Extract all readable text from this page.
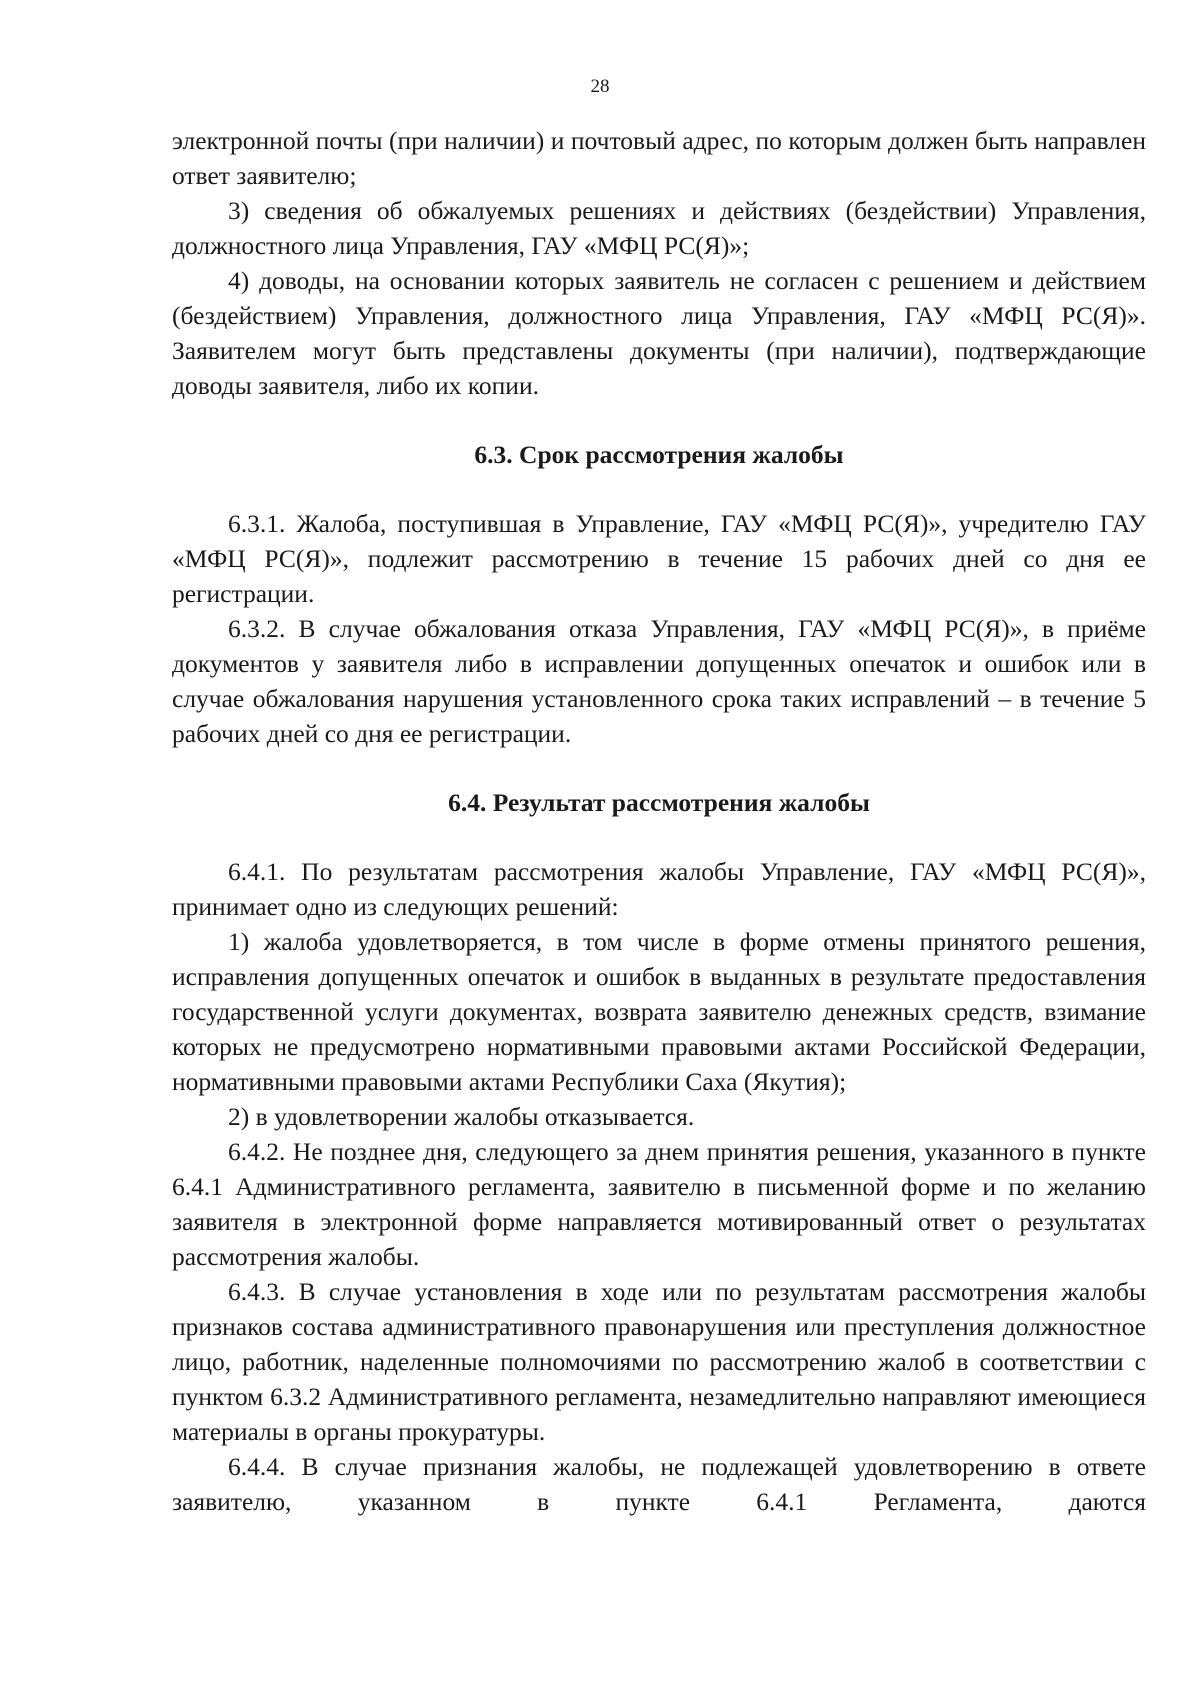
28

электронной почты (при наличии) и почтовый адрес, по которым должен быть направлен ответ заявителю;

3) сведения об обжалуемых решениях и действиях (бездействии) Управления, должностного лица Управления, ГАУ «МФЦ РС(Я)»;

4) доводы, на основании которых заявитель не согласен с решением и действием (бездействием) Управления, должностного лица Управления, ГАУ «МФЦ РС(Я)». Заявителем могут быть представлены документы (при наличии), подтверждающие доводы заявителя, либо их копии.

6.3. Срок рассмотрения жалобы

6.3.1. Жалоба, поступившая в Управление, ГАУ «МФЦ РС(Я)», учредителю ГАУ «МФЦ РС(Я)», подлежит рассмотрению в течение 15 рабочих дней со дня ее регистрации.

6.3.2. В случае обжалования отказа Управления, ГАУ «МФЦ РС(Я)», в приёме документов у заявителя либо в исправлении допущенных опечаток и ошибок или в случае обжалования нарушения установленного срока таких исправлений – в течение 5 рабочих дней со дня ее регистрации.

6.4. Результат рассмотрения жалобы

6.4.1. По результатам рассмотрения жалобы Управление, ГАУ «МФЦ РС(Я)», принимает одно из следующих решений:

1) жалоба удовлетворяется, в том числе в форме отмены принятого решения, исправления допущенных опечаток и ошибок в выданных в результате предоставления государственной услуги документах, возврата заявителю денежных средств, взимание которых не предусмотрено нормативными правовыми актами Российской Федерации, нормативными правовыми актами Республики Саха (Якутия);

2) в удовлетворении жалобы отказывается.

6.4.2. Не позднее дня, следующего за днем принятия решения, указанного в пункте 6.4.1 Административного регламента, заявителю в письменной форме и по желанию заявителя в электронной форме направляется мотивированный ответ о результатах рассмотрения жалобы.

6.4.3. В случае установления в ходе или по результатам рассмотрения жалобы признаков состава административного правонарушения или преступления должностное лицо, работник, наделенные полномочиями по рассмотрению жалоб в соответствии с пунктом 6.3.2 Административного регламента, незамедлительно направляют имеющиеся материалы в органы прокуратуры.

6.4.4. В случае признания жалобы, не подлежащей удовлетворению в ответе заявителю, указанном в пункте 6.4.1 Регламента, даются
